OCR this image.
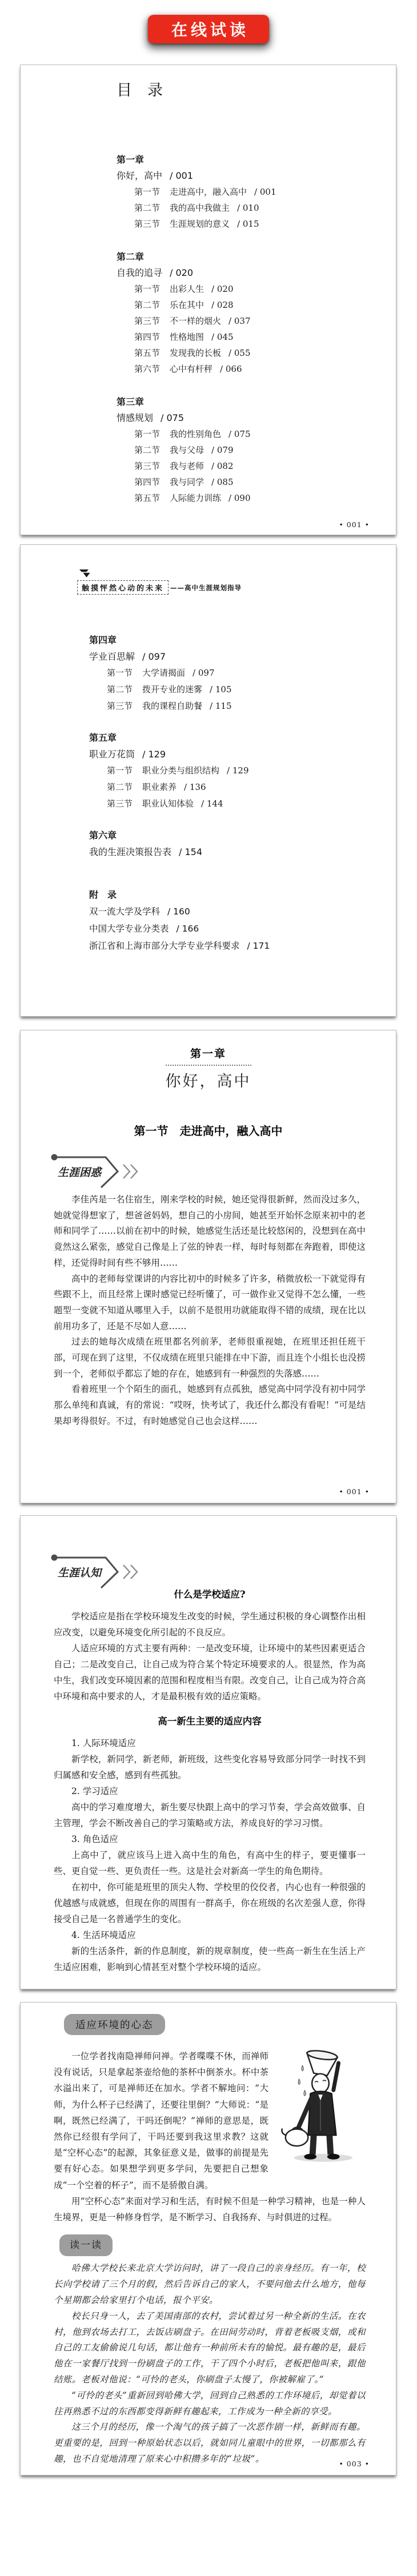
在线试读
目　录
第一章
你好，高中 / 001
第一节 走进高中，融入高中 / 001
第二节 我的高中我做主 / 010
第三节 生涯规划的意义 / 015
第二章
自我的追寻 / 020
第一节 出彩人生 / 020
第二节 乐在其中 / 028
第三节 不一样的烟火 / 037
第四节 性格地图 / 045
第五节 发现我的长板 / 055
第六节 心中有杆秤 / 066
第三章
情感规划 / 075
第一节 我的性别角色 / 075
第二节 我与父母 / 079
第三节 我与老师 / 082
第四节 我与同学 / 085
第五节 人际能力训练 / 090
• 001 •
触摸怦然心动的未来 ——高中生涯规划指导
第四章
学业百思解 / 097
第一节 大学请揭面 / 097
第二节 拨开专业的迷雾 / 105
第三节 我的课程自助餐 / 115
第五章
职业万花筒 / 129
第一节 职业分类与组织结构 / 129
第二节 职业素养 / 136
第三节 职业认知体验 / 144
第六章
我的生涯决策报告表 / 154
附　录
双一流大学及学科 / 160
中国大学专业分类表 / 166
浙江省和上海市部分大学专业学科要求 / 171
第一章
你好，高中
第一节　走进高中，融入高中
生涯困惑

李佳芮是一名住宿生，刚来学校的时候，她还觉得很新鲜，然而没过多久，她就觉得想家了，想爸爸妈妈，想自己的小房间，她甚至开始怀念原来初中的老师和同学了……以前在初中的时候，她感觉生活还是比较悠闲的，没想到在高中竟然这么紧张，感觉自己像是上了弦的钟表一样，每时每刻都在奔跑着，即使这样，还觉得时间有些不够用……

高中的老师每堂课讲的内容比初中的时候多了许多，稍微放松一下就觉得有些跟不上，而且经常上课时感觉已经听懂了，可一做作业又觉得不怎么懂，一些题型一变就不知道从哪里入手，以前不是很用功就能取得不错的成绩，现在比以前用功多了，还是不尽如人意……

过去的她每次成绩在班里都名列前茅，老师很重视她，在班里还担任班干部，可现在到了这里，不仅成绩在班里只能排在中下游，而且连个小组长也没捞到一个，老师似乎都忘了她的存在，她感到有一种强烈的失落感……

看着班里一个个陌生的面孔，她感到有点孤独，感觉高中同学没有初中同学那么单纯和真诚，有的常说：“哎呀，快考试了，我还什么都没有看呢！”可是结果却考得很好。不过，有时她感觉自己也会这样……

• 001 •
生涯认知

什么是学校适应?

学校适应是指在学校环境发生改变的时候，学生通过积极的身心调整作出相应改变，以避免环境变化所引起的不良反应。

人适应环境的方式主要有两种：一是改变环境，让环境中的某些因素更适合自己；二是改变自己，让自己成为符合某个特定环境要求的人。很显然，作为高中生，我们改变环境因素的范围和程度相当有限。改变自己，让自己成为符合高中环境和高中要求的人，才是最积极有效的适应策略。

高一新生主要的适应内容

1. 人际环境适应

新学校，新同学，新老师，新班级，这些变化容易导致部分同学一时找不到归属感和安全感，感到有些孤独。

2. 学习适应

高中的学习难度增大，新生要尽快跟上高中的学习节奏，学会高效做事、自主管理，学会不断改善自己的学习策略或方法，养成良好的学习习惯。

3. 角色适应

上高中了，就应该马上进入高中生的角色，有高中生的样子，要更懂事一些、更自觉一些、更负责任一些。这是社会对新高一学生的角色期待。

在初中，你可能是班里的顶尖人物、学校里的佼佼者，内心也有一种很强的优越感与成就感，但现在你的周围有一群高手，你在班级的名次差强人意，你得接受自己是一名普通学生的变化。

4. 生活环境适应

新的生活条件，新的作息制度，新的规章制度，使一些高一新生在生活上产生适应困难，影响到心情甚至对整个学校环境的适应。

适应环境的心态

一位学者找南隐禅师问禅。学者喋喋不休，而禅师没有说话，只是拿起茶壶给他的茶杯中倒茶水。杯中茶水溢出来了，可是禅师还在加水。学者不解地问：“大师，为什么杯子已经满了，还要往里倒？”大师说：“是啊，既然已经满了，干吗还倒呢？”禅师的意思是，既然你已经很有学问了，干吗还要到我这里求教？这就是“空杯心态”的起源，其象征意义是，做事的前提是先要有好心态。如果想学到更多学问，先要把自己想象成“一个空着的杯子”，而不是骄傲自满。

用“空杯心态”来面对学习和生活，有时候不但是一种学习精神，也是一种人生境界，更是一种修身哲学，是不断学习、自我扬弃、与时俱进的过程。

读一读

哈佛大学校长来北京大学访问时，讲了一段自己的亲身经历。有一年，校长向学校请了三个月的假，然后告诉自己的家人，不要问他去什么地方，他每个星期都会给家里打个电话，报个平安。

校长只身一人，去了美国南部的农村，尝试着过另一种全新的生活。在农村，他到农场去打工，去饭店刷盘子。在田间劳动时，背着老板吸支烟，或和自己的工友偷偷说几句话，都让他有一种前所未有的愉悦。最有趣的是，最后他在一家餐厅找到一份刷盘子的工作，干了四个小时后，老板把他叫来，跟他结账。老板对他说：“可怜的老头，你刷盘子太慢了，你被解雇了。”

“可怜的老头”重新回到哈佛大学，回到自己熟悉的工作环境后，却觉着以往再熟悉不过的东西都变得新鲜有趣起来，工作成为一种全新的享受。

这三个月的经历，像一个淘气的孩子搞了一次恶作剧一样，新鲜而有趣。更重要的是，回到一种原始状态以后，就如同儿童眼中的世界，一切都那么有趣，也不自觉地清理了原来心中积攒多年的“垃圾”。	• 003 •
